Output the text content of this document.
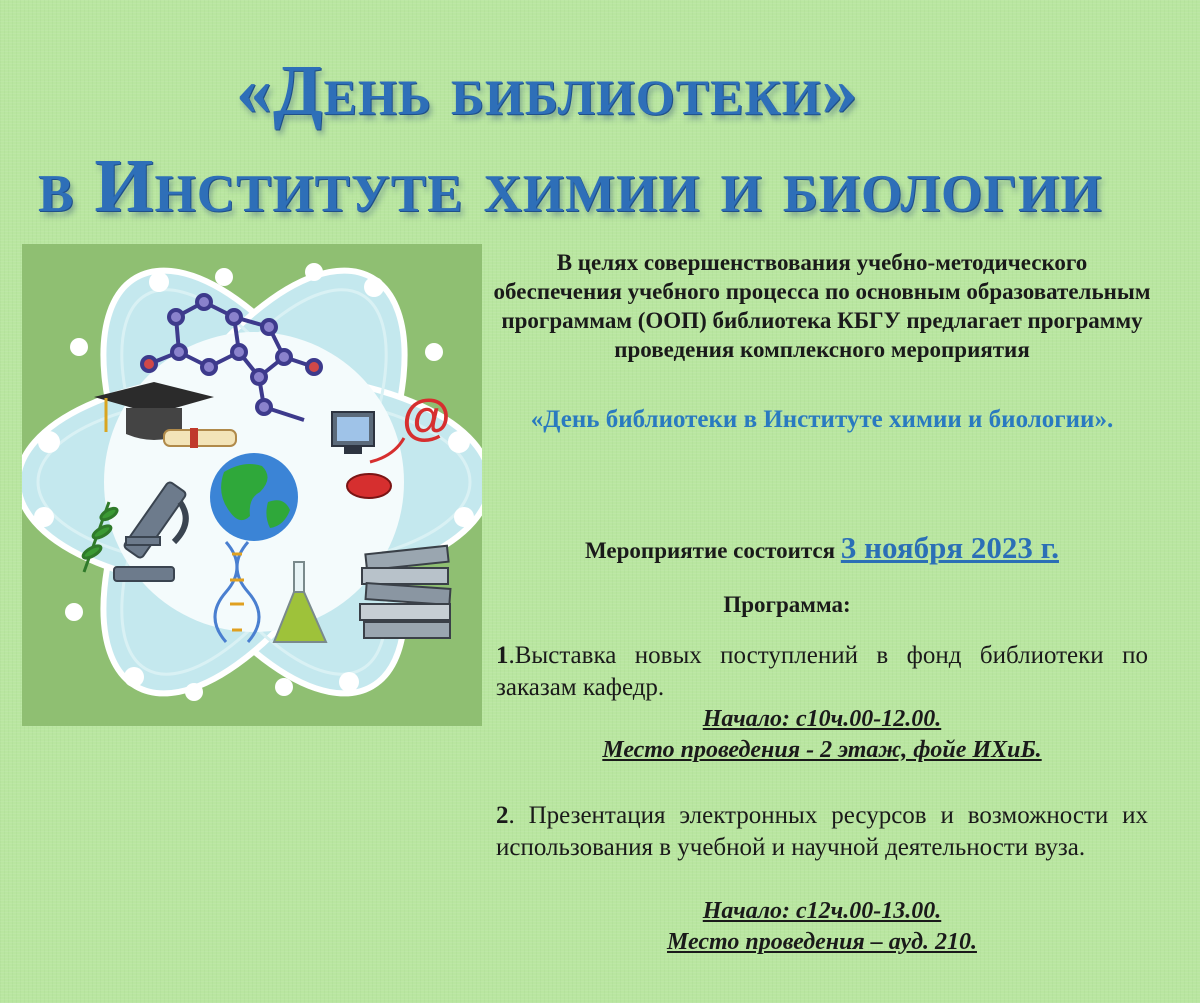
«День библиотеки»
в Институте химии и биологии
@

В целях совершенствования учебно-методического обеспечения учебного процесса по основным образовательным программам (ООП) библиотека КБГУ предлагает программу проведения комплексного мероприятия

«День библиотеки в Институте химии и биологии».

Мероприятие состоится 3 ноября 2023 г.

Программа:

1.Выставка новых поступлений в фонд библиотеки по заказам кафедр.

Начало: с10ч.00-12.00.

Место проведения - 2 этаж, фойе ИХиБ.

2. Презентация электронных ресурсов и возможности их использования в учебной и научной деятельности вуза.

Начало: с12ч.00-13.00.

Место проведения – ауд. 210.
